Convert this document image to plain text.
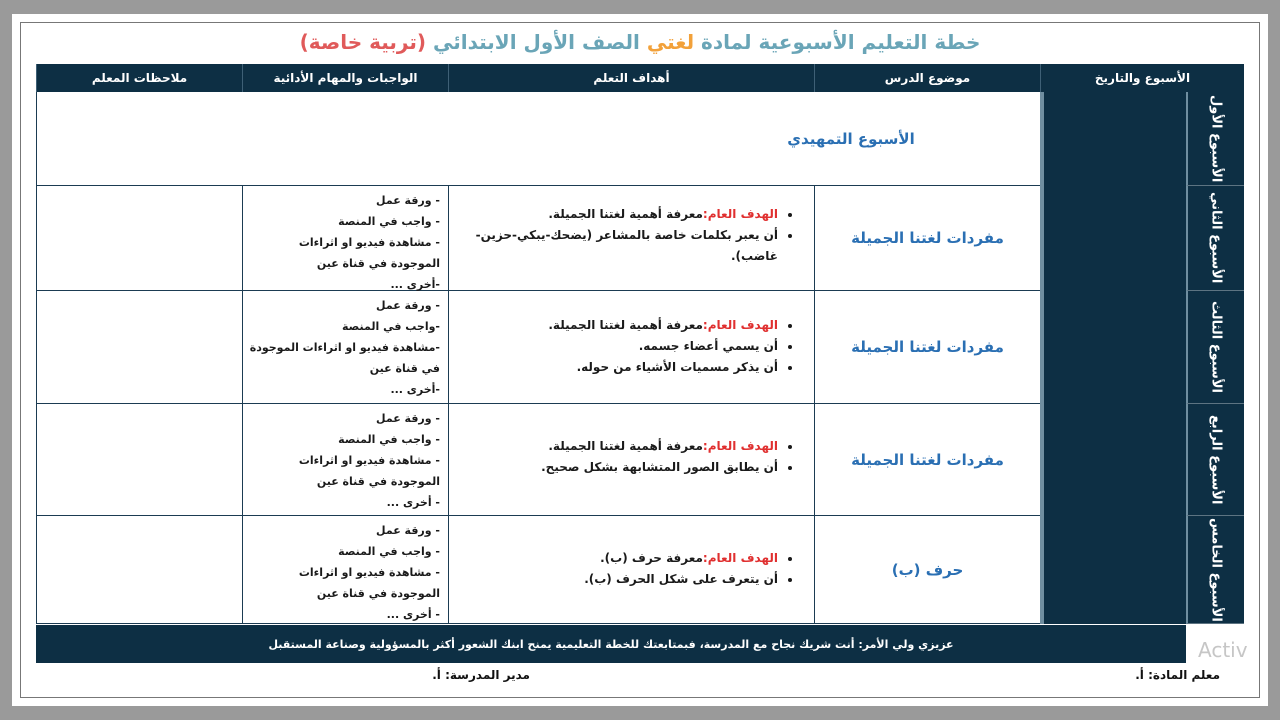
خطة التعليم الأسبوعية لمادة لغتي الصف الأول الابتدائي (تربية خاصة)
الأسبوع والتاريخ
موضوع الدرس
أهداف التعلم
الواجبات والمهام الأدائية
ملاحظات المعلم
الأسبوع الأول
الأسبوع الثاني
الأسبوع الثالث
الأسبوع الرابع
الأسبوع الخامس
الأسبوع التمهيدي
مفردات لغتنا الجميلة
• الهدف العام:معرفة أهمية لغتنا الجميلة.
• أن يعبر بكلمات خاصة بالمشاعر (يضحك-يبكي-حزين-غاضب).
- ورقة عمل
- واجب في المنصة
- مشاهدة فيديو او اثراءات
الموجودة في قناة عين
-أخرى ...
مفردات لغتنا الجميلة
• الهدف العام:معرفة أهمية لغتنا الجميلة.
• أن يسمي أعضاء جسمه.
• أن يذكر مسميات الأشياء من حوله.
- ورقة عمل
-واجب في المنصة
-مشاهدة فيديو او اثراءات الموجودة
في قناة عين
-أخرى ...
مفردات لغتنا الجميلة
• الهدف العام:معرفة أهمية لغتنا الجميلة.
• أن يطابق الصور المتشابهة بشكل صحيح.
- ورقة عمل
- واجب في المنصة
- مشاهدة فيديو او اثراءات
الموجودة في قناة عين
- أخرى ...
حرف (ب)
• الهدف العام:معرفة حرف (ب).
• أن يتعرف على شكل الحرف (ب).
- ورقة عمل
- واجب في المنصة
- مشاهدة فيديو او اثراءات
الموجودة في قناة عين
- أخرى ...
عزيزي ولي الأمر: أنت شريك نجاح مع المدرسة، فبمتابعتك للخطة التعليمية يمنح ابنك الشعور أكثر بالمسؤولية وصناعة المستقبل
معلم المادة: أ.
مدير المدرسة: أ.
Activ
